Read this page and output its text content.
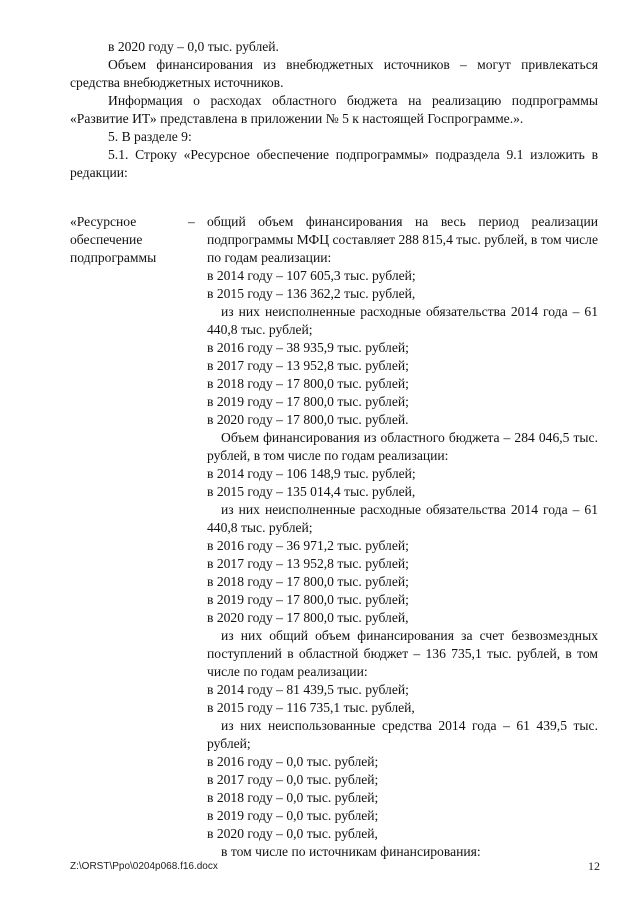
в 2020 году – 0,0 тыс. рублей.

Объем финансирования из внебюджетных источников – могут привлекаться средства внебюджетных источников.

Информация о расходах областного бюджета на реализацию подпрограммы «Развитие ИТ» представлена в приложении № 5 к настоящей Госпрограмме.».

5. В разделе 9:

5.1. Строку «Ресурсное обеспечение подпрограммы» подраздела 9.1 изложить в редакции:

«Ресурсное обеспечение подпрограммы
– общий объем финансирования на весь период реализации подпрограммы МФЦ составляет 288 815,4 тыс. рублей, в том числе по годам реализации:

в 2014 году – 107 605,3 тыс. рублей;

в 2015 году – 136 362,2 тыс. рублей,

из них неисполненные расходные обязательства 2014 года – 61 440,8 тыс. рублей;

в 2016 году – 38 935,9 тыс. рублей;

в 2017 году – 13 952,8 тыс. рублей;

в 2018 году – 17 800,0 тыс. рублей;

в 2019 году – 17 800,0 тыс. рублей;

в 2020 году – 17 800,0 тыс. рублей.

Объем финансирования из областного бюджета – 284 046,5 тыс. рублей, в том числе по годам реализации:

в 2014 году – 106 148,9 тыс. рублей;

в 2015 году – 135 014,4 тыс. рублей,

из них неисполненные расходные обязательства 2014 года – 61 440,8 тыс. рублей;

в 2016 году – 36 971,2 тыс. рублей;

в 2017 году – 13 952,8 тыс. рублей;

в 2018 году – 17 800,0 тыс. рублей;

в 2019 году – 17 800,0 тыс. рублей;

в 2020 году – 17 800,0 тыс. рублей,

из них общий объем финансирования за счет безвозмездных поступлений в областной бюджет – 136 735,1 тыс. рублей, в том числе по годам реализации:

в 2014 году – 81 439,5 тыс. рублей;

в 2015 году – 116 735,1 тыс. рублей,

из них неиспользованные средства 2014 года – 61 439,5 тыс. рублей;

в 2016 году – 0,0 тыс. рублей;

в 2017 году – 0,0 тыс. рублей;

в 2018 году – 0,0 тыс. рублей;

в 2019 году – 0,0 тыс. рублей;

в 2020 году – 0,0 тыс. рублей,

в том числе по источникам финансирования:

Z:\ORST\Ppo\0204p068.f16.docx	12
